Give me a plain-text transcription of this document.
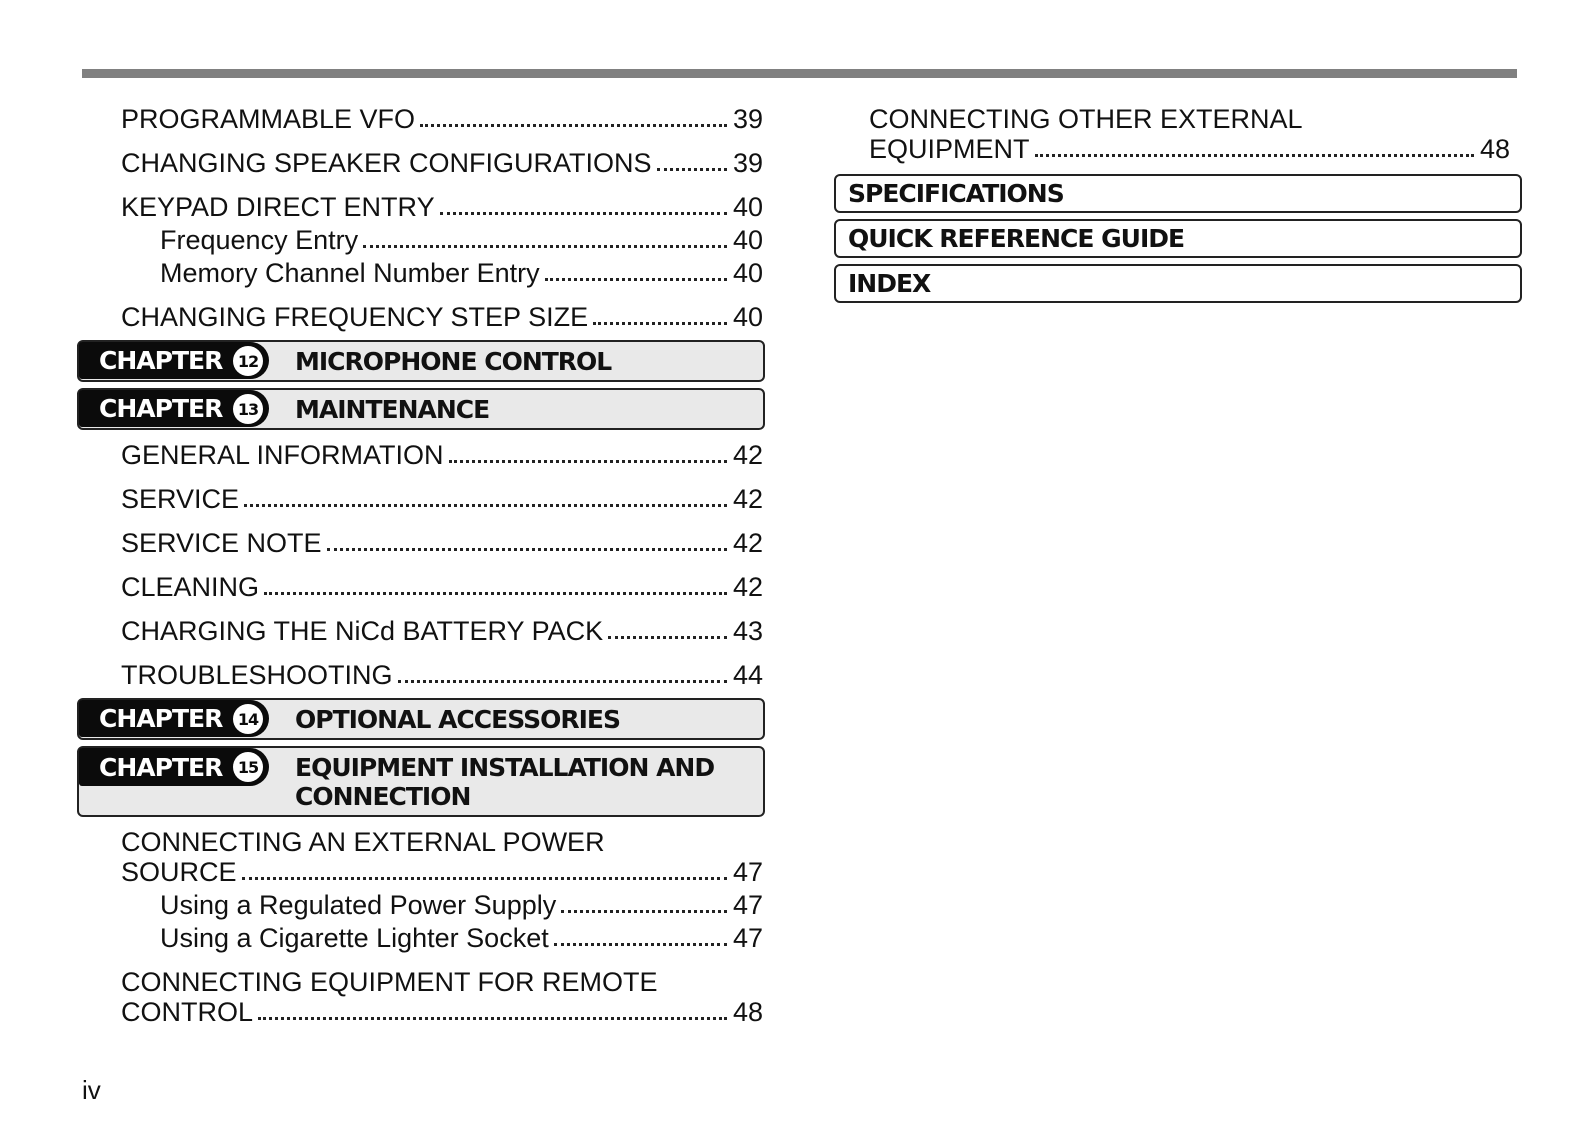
PROGRAMMABLE VFO	39
CHANGING SPEAKER CONFIGURATIONS	39
KEYPAD DIRECT ENTRY	40
Frequency Entry	40
Memory Channel Number Entry	40
CHANGING FREQUENCY STEP SIZE	40
CHAPTER 12	MICROPHONE CONTROL
CHAPTER 13	MAINTENANCE
GENERAL INFORMATION	42
SERVICE	42
SERVICE NOTE	42
CLEANING	42
CHARGING THE NiCd BATTERY PACK	43
TROUBLESHOOTING	44
CHAPTER 14	OPTIONAL ACCESSORIES
CHAPTER 15 EQUIPMENT INSTALLATION AND
CONNECTION
CONNECTING AN EXTERNAL POWER
SOURCE	47
Using a Regulated Power Supply	47
Using a Cigarette Lighter Socket	47
CONNECTING EQUIPMENT FOR REMOTE
CONTROL	48
CONNECTING OTHER EXTERNAL
EQUIPMENT	48
SPECIFICATIONS
QUICK REFERENCE GUIDE
INDEX
iv
